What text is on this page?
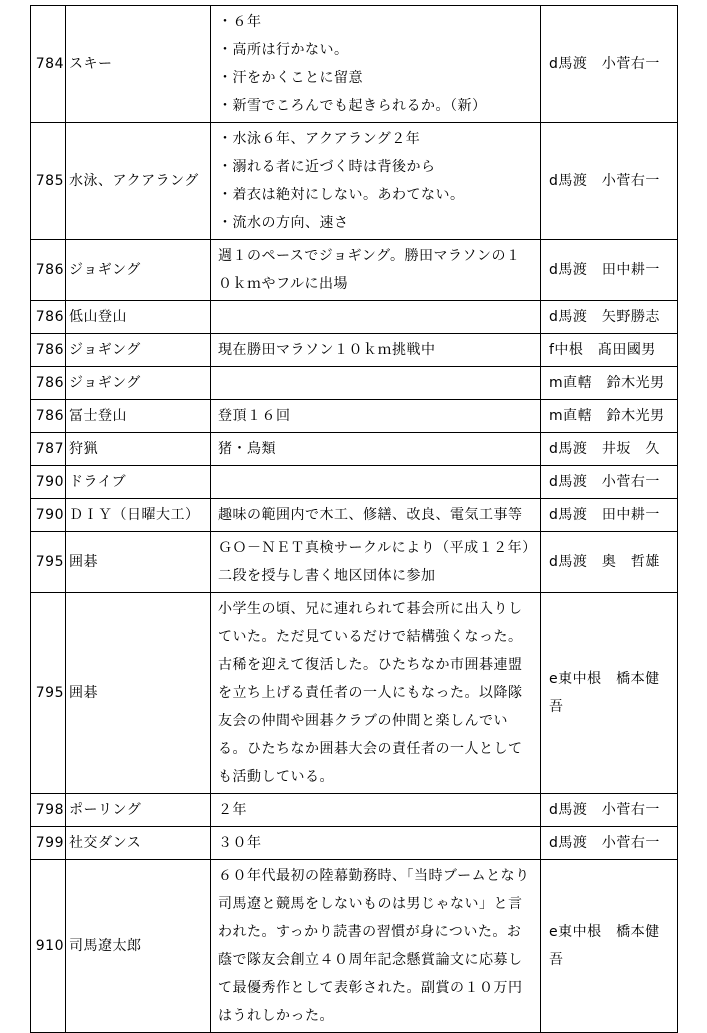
784	スキー	・６年
・高所は行かない。
・汗をかくことに留意
・新雪でころんでも起きられるか。（新）	d馬渡　小菅右一
785	水泳、アクアラング	・水泳６年、アクアラング２年
・溺れる者に近づく時は背後から
・着衣は絶対にしない。あわてない。
・流水の方向、速さ	d馬渡　小菅右一
786	ジョギング	週１のペースでジョギング。勝田マラソンの１０ｋｍやフルに出場	d馬渡　田中耕一
786	低山登山		d馬渡　矢野勝志
786	ジョギング	現在勝田マラソン１０ｋｍ挑戦中	f中根　髙田國男
786	ジョギング		m直轄　鈴木光男
786	冨士登山	登頂１６回	m直轄　鈴木光男
787	狩猟	猪・鳥類	d馬渡　井坂　久
790	ドライブ		d馬渡　小菅右一
790	ＤＩＹ（日曜大工）	趣味の範囲内で木工、修繕、改良、電気工事等	d馬渡　田中耕一
795	囲碁	ＧＯ－ＮＥＴ真検サークルにより（平成１２年）二段を授与し書く地区団体に参加	d馬渡　奥　哲雄
795	囲碁	小学生の頃、兄に連れられて碁会所に出入りしていた。ただ見ているだけで結構強くなった。古稀を迎えて復活した。ひたちなか市囲碁連盟を立ち上げる責任者の一人にもなった。以降隊友会の仲間や囲碁クラブの仲間と楽しんでいる。ひたちなか囲碁大会の責任者の一人としても活動している。	e東中根　橋本健吾
798	ポーリング	２年	d馬渡　小菅右一
799	社交ダンス	３０年	d馬渡　小菅右一
910	司馬遼太郎	６０年代最初の陸幕勤務時、「当時ブームとなり司馬遼と競馬をしないものは男じゃない」と言われた。すっかり読書の習慣が身についた。お蔭で隊友会創立４０周年記念懸賞論文に応募して最優秀作として表彰された。副賞の１０万円はうれしかった。	e東中根　橋本健吾
